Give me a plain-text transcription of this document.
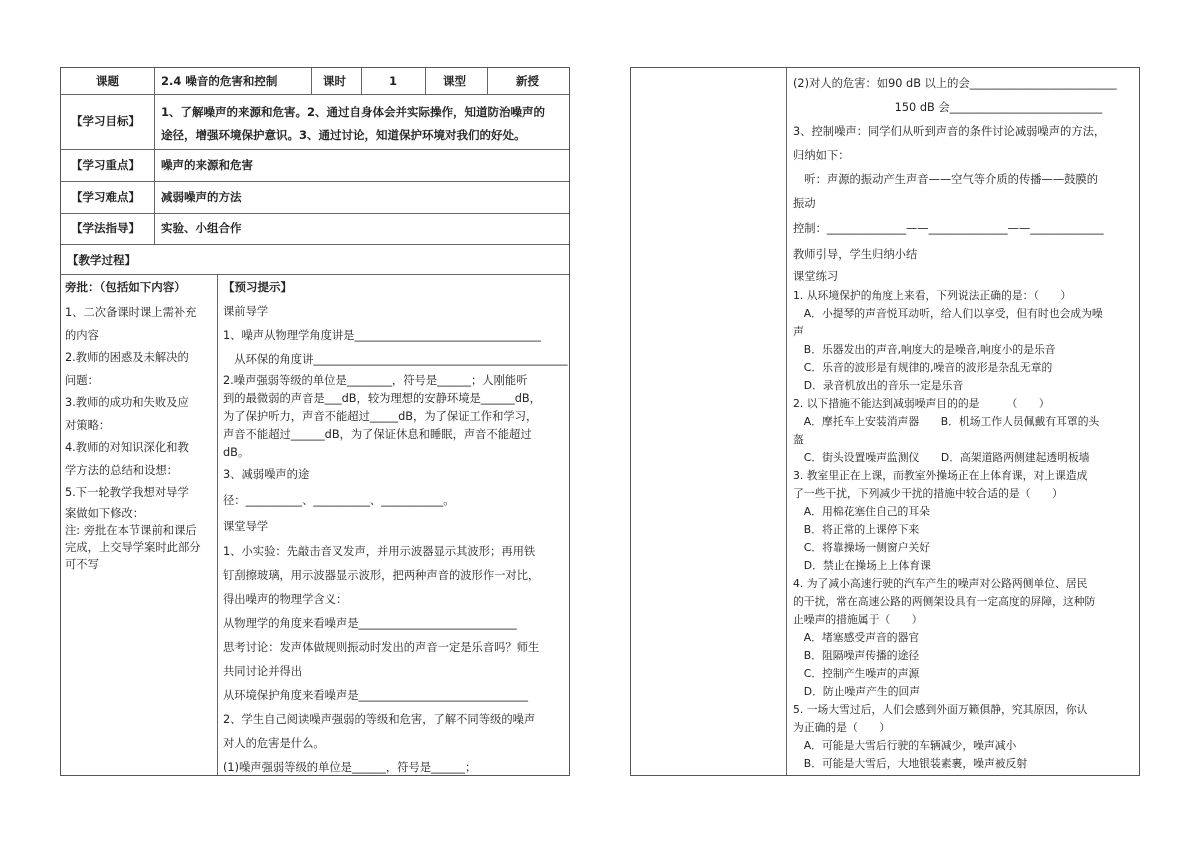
课题	2.4 噪音的危害和控制	课时	1	课型	新授
【学习目标】
1、了解噪声的来源和危害。2、通过自身体会并实际操作，知道防治噪声的
途径，增强环境保护意识。3、通过讨论，知道保护环境对我们的好处。
【学习重点】 噪声的来源和危害
【学习难点】 减弱噪声的方法
【学法指导】 实验、小组合作
【教学过程】
旁批：（包括如下内容）
1、二次备课时课上需补充
的内容
2.教师的困惑及未解决的
问题：
3.教师的成功和失败及应
对策略：
4.教师的对知识深化和教
学方法的总结和设想：
5.下一轮教学我想对导学
案做如下修改：
注: 旁批在本节课前和课后
完成，上交导学案时此部分
可不写
【预习提示】
课前导学
1、噪声从物理学角度讲是_________________________________
　从环保的角度讲_____________________________________________
2.噪声强弱等级的单位是________，符号是______；人刚能听
到的最微弱的声音是___dB，较为理想的安静环境是______dB，
为了保护听力，声音不能超过_____dB，为了保证工作和学习，
声音不能超过______dB，为了保证休息和睡眠，声音不能超过
dB。
3、减弱噪声的途
径：__________、__________、___________。
课堂导学
1、小实验：先敲击音叉发声，并用示波器显示其波形；再用铁
钉刮擦玻璃，用示波器显示波形，把两种声音的波形作一对比，
得出噪声的物理学含义：
从物理学的角度来看噪声是____________________________
思考讨论：发声体做规则振动时发出的声音一定是乐音吗？师生
共同讨论并得出
从环境保护角度来看噪声是______________________________
2、学生自己阅读噪声强弱的等级和危害，了解不同等级的噪声
对人的危害是什么。
(1)噪声强弱等级的单位是______，符号是______；
(2)对人的危害：如90 dB 以上的会__________________________
　　　　　　　　　150 dB 会___________________________
3、控制噪声：同学们从听到声音的条件讨论减弱噪声的方法，
归纳如下：
　听：声源的振动产生声音——空气等介质的传播——鼓膜的
振动
控制：______________——______________——_____________
教师引导，学生归纳小结
课堂练习
1. 从环境保护的角度上来看，下列说法正确的是：（　　）
　A．小提琴的声音悦耳动听，给人们以享受，但有时也会成为噪
声
　B．乐器发出的声音,响度大的是噪音,响度小的是乐音
　C．乐音的波形是有规律的,噪音的波形是杂乱无章的
　D．录音机放出的音乐一定是乐音
2. 以下措施不能达到减弱噪声目的的是　　　（　　）
　A．摩托车上安装消声器　　B．机场工作人员佩戴有耳罩的头
盔
　C．街头设置噪声监测仪　　D．高架道路两侧建起透明板墙
3. 教室里正在上课，而教室外操场正在上体育课，对上课造成
了一些干扰，下列减少干扰的措施中较合适的是（　　）
　A．用棉花塞住自己的耳朵
　B．将正常的上课停下来
　C．将靠操场一侧窗户关好
　D．禁止在操场上上体育课
4. 为了减小高速行驶的汽车产生的噪声对公路两侧单位、居民
的干扰，常在高速公路的两侧架设具有一定高度的屏障，这种防
止噪声的措施属于（　　）
　A．堵塞感受声音的器官
　B．阻隔噪声传播的途径
　C．控制产生噪声的声源
　D．防止噪声产生的回声
5. 一场大雪过后，人们会感到外面万籁俱静，究其原因，你认
为正确的是（　　）
　A．可能是大雪后行驶的车辆减少，噪声减小
　B．可能是大雪后，大地银装素裹，噪声被反射
